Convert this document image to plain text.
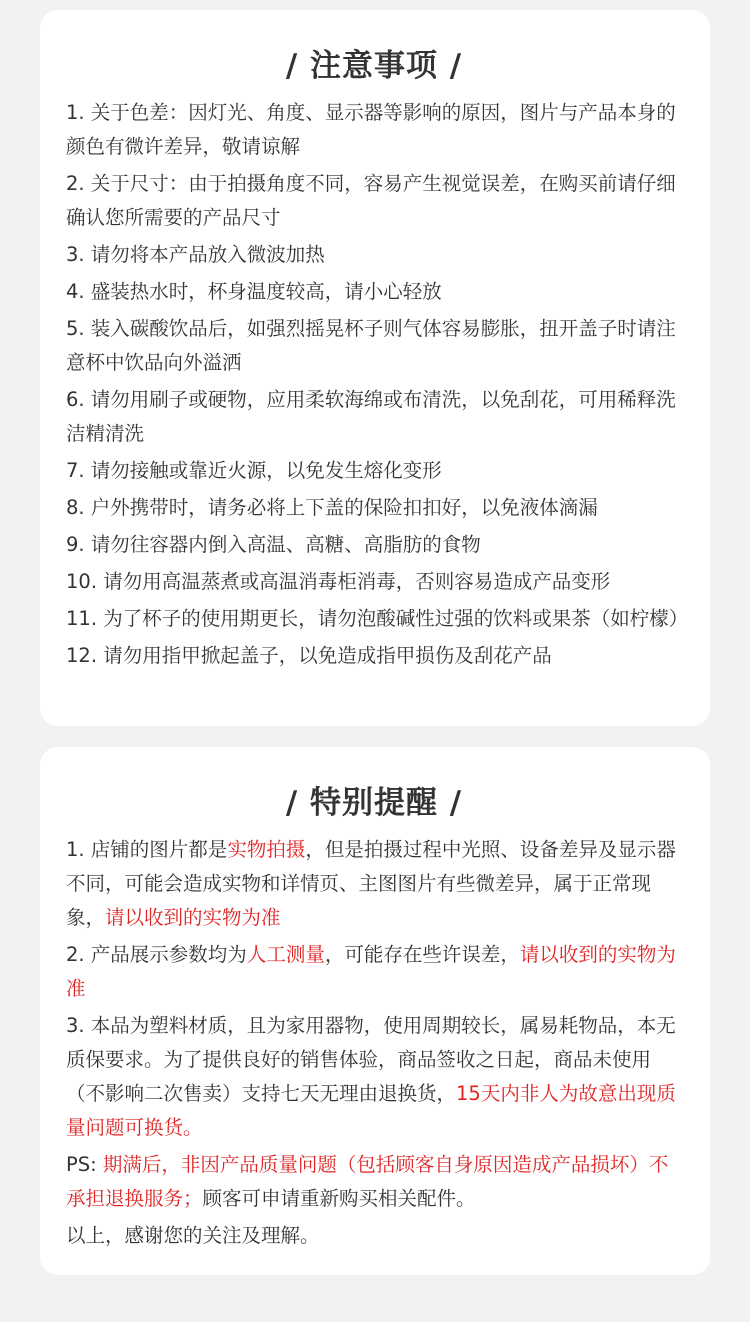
/ 注意事项 /
1. 关于色差：因灯光、角度、显示器等影响的原因，图片与产品本身的颜色有微许差异，敬请谅解
2. 关于尺寸：由于拍摄角度不同，容易产生视觉误差，在购买前请仔细确认您所需要的产品尺寸
3. 请勿将本产品放入微波加热
4. 盛装热水时，杯身温度较高，请小心轻放
5. 装入碳酸饮品后，如强烈摇晃杯子则气体容易膨胀，扭开盖子时请注意杯中饮品向外溢洒
6. 请勿用刷子或硬物，应用柔软海绵或布清洗，以免刮花，可用稀释洗洁精清洗
7. 请勿接触或靠近火源，以免发生熔化变形
8. 户外携带时，请务必将上下盖的保险扣扣好，以免液体滴漏
9. 请勿往容器内倒入高温、高糖、高脂肪的食物
10. 请勿用高温蒸煮或高温消毒柜消毒，否则容易造成产品变形
11. 为了杯子的使用期更长，请勿泡酸碱性过强的饮料或果茶（如柠檬）
12. 请勿用指甲掀起盖子，以免造成指甲损伤及刮花产品
/ 特别提醒 /

1. 店铺的图片都是实物拍摄，但是拍摄过程中光照、设备差异及显示器不同，可能会造成实物和详情页、主图图片有些微差异，属于正常现象，请以收到的实物为准

2. 产品展示参数均为人工测量，可能存在些许误差，请以收到的实物为准

3. 本品为塑料材质，且为家用器物，使用周期较长，属易耗物品，本无质保要求。为了提供良好的销售体验，商品签收之日起，商品未使用（不影响二次售卖）支持七天无理由退换货，15天内非人为故意出现质量问题可换货。

PS: 期满后，非因产品质量问题（包括顾客自身原因造成产品损坏）不承担退换服务；顾客可申请重新购买相关配件。

以上，感谢您的关注及理解。
